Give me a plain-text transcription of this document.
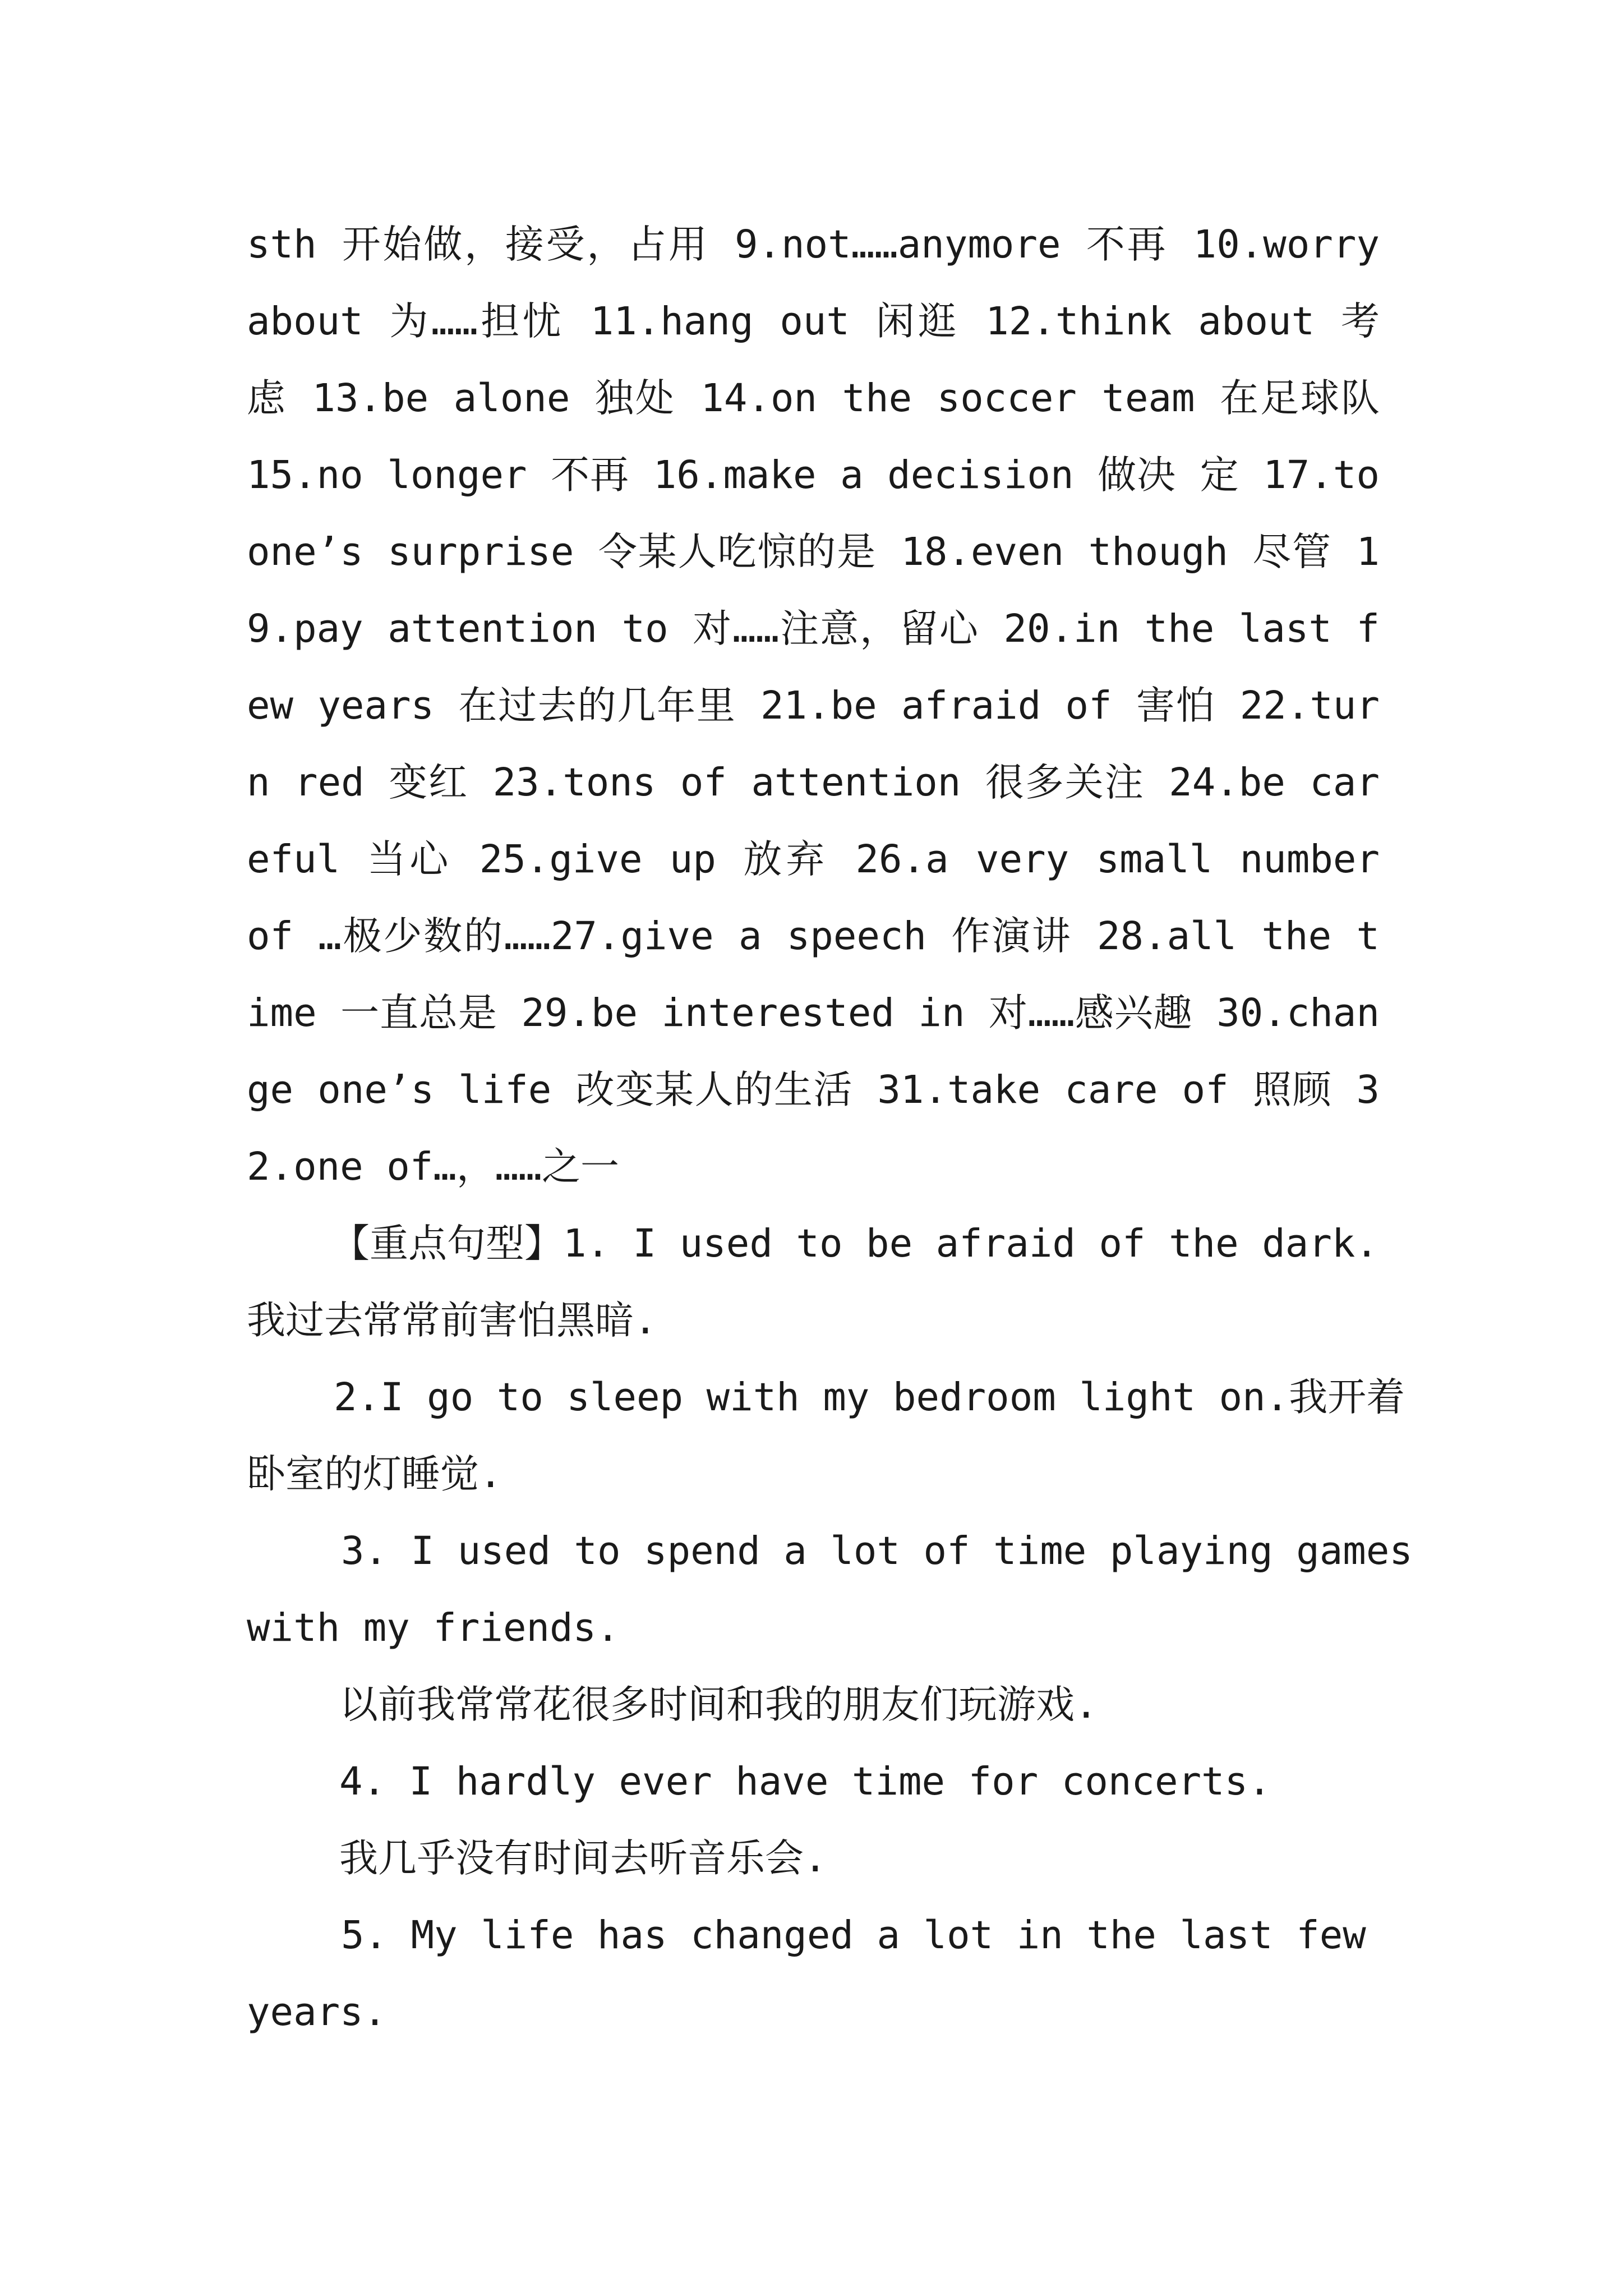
sth 开始做，接受，占用 9.not……anymore 不再 10.worry about 为……担忧 11.hang out 闲逛 12.think about 考虑 13.be alone 独处 14.on the soccer team 在足球队 15.no longer 不再 16.make a decision 做决 定 17.to one’s surprise 令某人吃惊的是 18.even though 尽管 19.pay attention to 对……注意，留心 20.in the last few years 在过去的几年里 21.be afraid of 害怕 22.turn red 变红 23.tons of attention 很多关注 24.be careful 当心 25.give up 放弃 26.a very small number of …极少数的……27.give a speech 作演讲 28.all the time 一直总是 29.be interested in 对……感兴趣 30.change one’s life 改变某人的生活 31.take care of 照顾 32.one of…，……之一

【重点句型】1. I used to be afraid of the dark.

我过去常常前害怕黑暗.

2.I go to sleep with my bedroom light on.我开着

卧室的灯睡觉.

3. I used to spend a lot of time playing games

with my friends.

以前我常常花很多时间和我的朋友们玩游戏.

4. I hardly ever have time for concerts.

我几乎没有时间去听音乐会.

5. My life has changed a lot in the last few

years.
